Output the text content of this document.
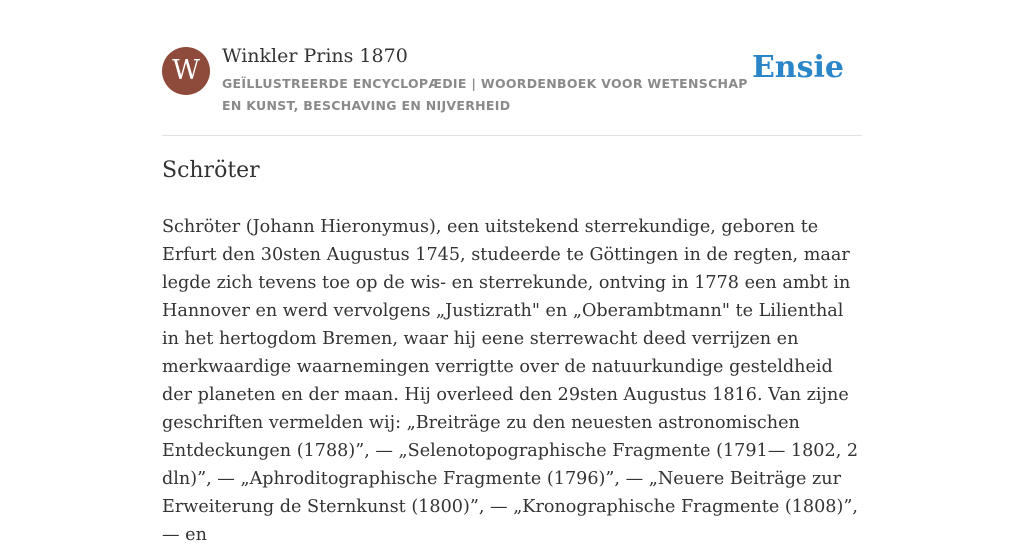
W	Winkler Prins 1870
GEÏLLUSTREERDE ENCYCLOPÆDIE | WOORDENBOEK VOOR WETENSCHAP EN KUNST, BESCHAVING EN NIJVERHEID
Ensie
Schröter

Schröter (Johann Hieronymus), een uitstekend sterrekundige, geboren te Erfurt den 30sten Augustus 1745, studeerde te Göttingen in de regten, maar legde zich tevens toe op de wis- en sterrekunde, ontving in 1778 een ambt in Hannover en werd vervolgens „Justizrath" en „Oberambtmann" te Lilienthal in het hertogdom Bremen, waar hij eene sterrewacht deed verrijzen en merkwaardige waarnemingen verrigtte over de natuurkundige gesteldheid der planeten en der maan. Hij overleed den 29sten Augustus 1816. Van zijne geschriften vermelden wij: „Breiträge zu den neuesten astronomischen Entdeckungen (1788)”, — „Selenotopographische Fragmente (1791— 1802, 2 dln)”, — „Aphroditographische Fragmente (1796)”, — „Neuere Beiträge zur Erweiterung de Sternkunst (1800)”, — „Kronographische Fragmente (1808)”, — en
